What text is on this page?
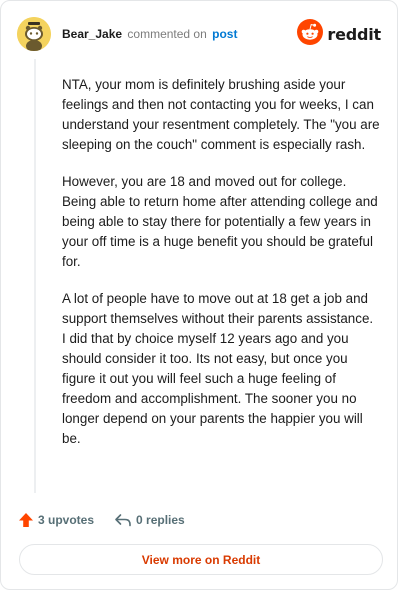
Bear_Jake commented on post	reddit

NTA, your mom is definitely brushing aside your feelings and then not contacting you for weeks, I can understand your resentment completely. The "you are sleeping on the couch" comment is especially rash.

However, you are 18 and moved out for college. Being able to return home after attending college and being able to stay there for potentially a few years in your off time is a huge benefit you should be grateful for.

A lot of people have to move out at 18 get a job and support themselves without their parents assistance. I did that by choice myself 12 years ago and you should consider it too. Its not easy, but once you figure it out you will feel such a huge feeling of freedom and accomplishment. The sooner you no longer depend on your parents the happier you will be.

3 upvotes	0 replies
View more on Reddit
